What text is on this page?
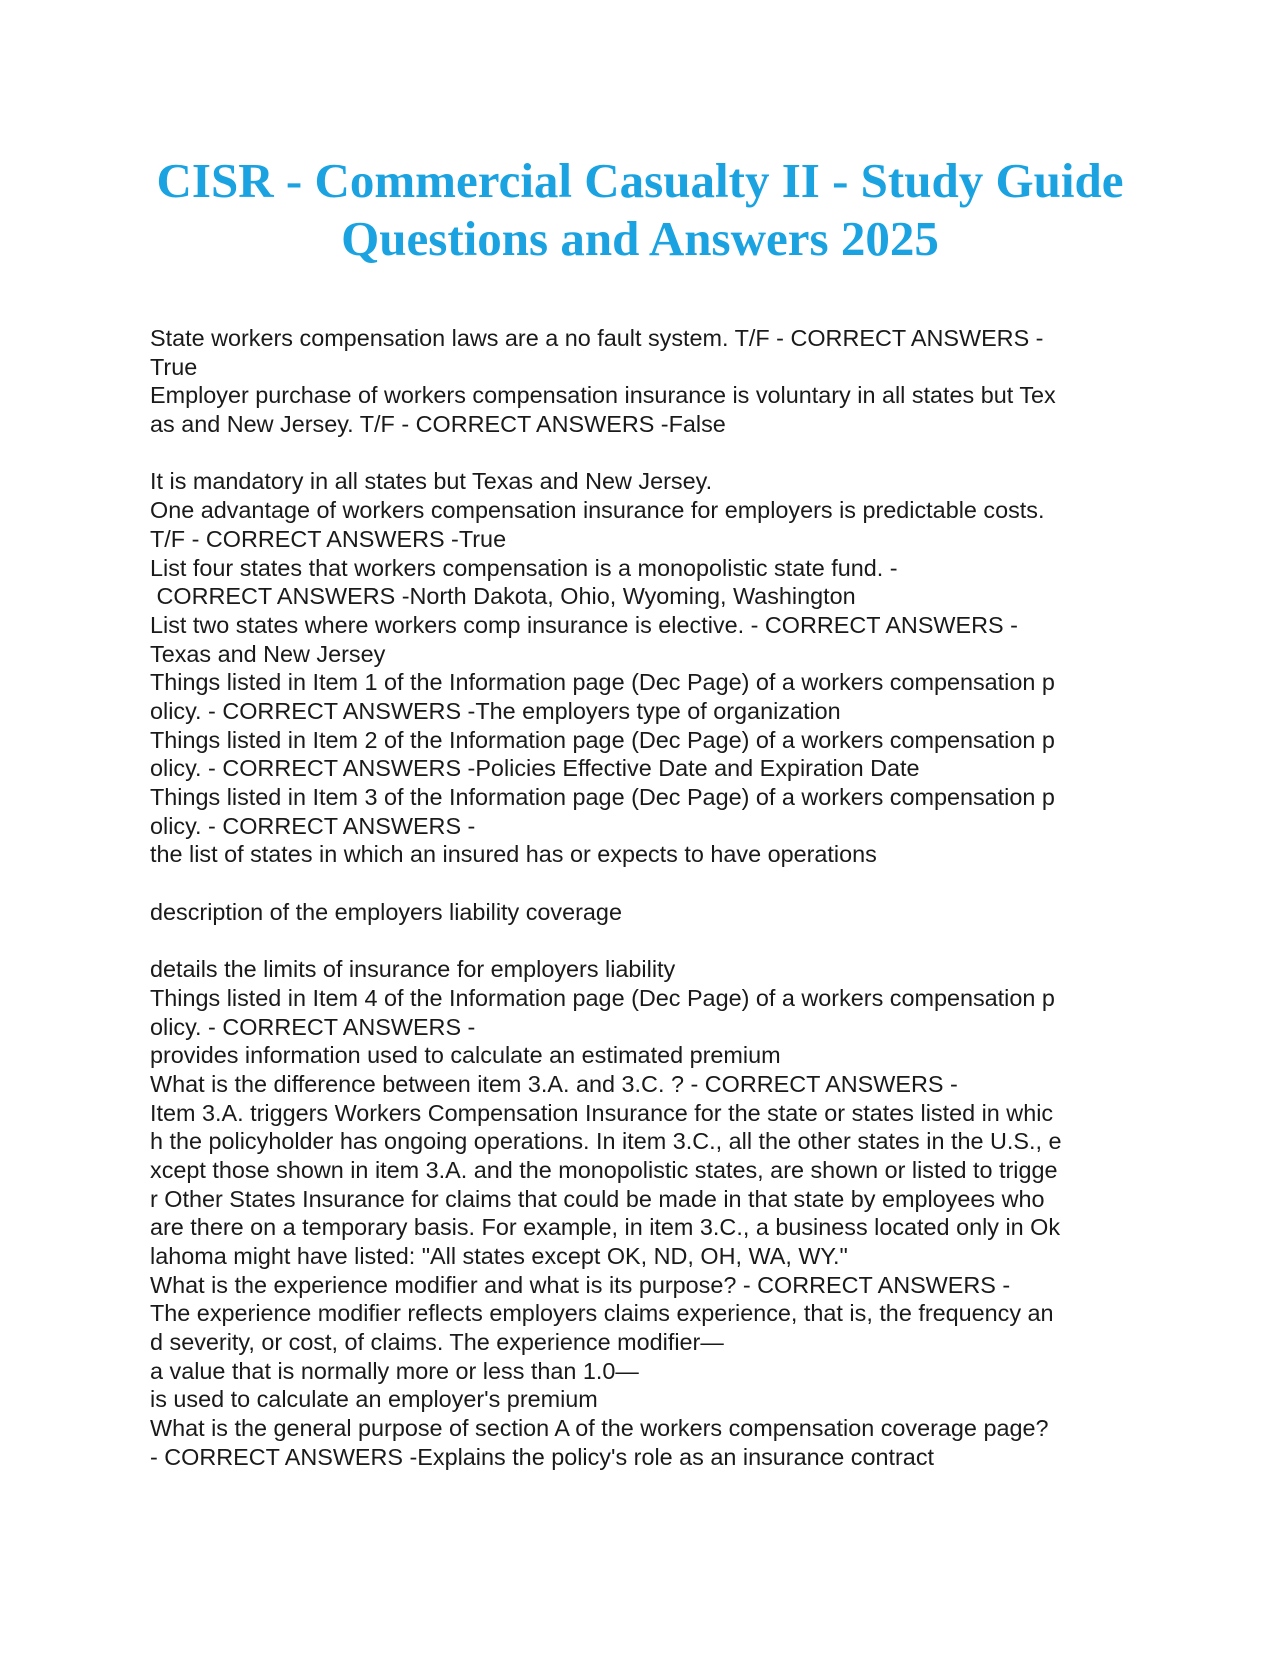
CISR - Commercial Casualty II - Study Guide Questions and Answers 2025
State workers compensation laws are a no fault system. T/F - CORRECT ANSWERS -
True
Employer purchase of workers compensation insurance is voluntary in all states but Tex
as and New Jersey. T/F - CORRECT ANSWERS -False
It is mandatory in all states but Texas and New Jersey.
One advantage of workers compensation insurance for employers is predictable costs.
T/F - CORRECT ANSWERS -True
List four states that workers compensation is a monopolistic state fund. -
CORRECT ANSWERS -North Dakota, Ohio, Wyoming, Washington
List two states where workers comp insurance is elective. - CORRECT ANSWERS -
Texas and New Jersey
Things listed in Item 1 of the Information page (Dec Page) of a workers compensation p
olicy. - CORRECT ANSWERS -The employers type of organization
Things listed in Item 2 of the Information page (Dec Page) of a workers compensation p
olicy. - CORRECT ANSWERS -Policies Effective Date and Expiration Date
Things listed in Item 3 of the Information page (Dec Page) of a workers compensation p
olicy. - CORRECT ANSWERS -
the list of states in which an insured has or expects to have operations
description of the employers liability coverage
details the limits of insurance for employers liability
Things listed in Item 4 of the Information page (Dec Page) of a workers compensation p
olicy. - CORRECT ANSWERS -
provides information used to calculate an estimated premium
What is the difference between item 3.A. and 3.C. ? - CORRECT ANSWERS -
Item 3.A. triggers Workers Compensation Insurance for the state or states listed in whic
h the policyholder has ongoing operations. In item 3.C., all the other states in the U.S., e
xcept those shown in item 3.A. and the monopolistic states, are shown or listed to trigge
r Other States Insurance for claims that could be made in that state by employees who
are there on a temporary basis. For example, in item 3.C., a business located only in Ok
lahoma might have listed: "All states except OK, ND, OH, WA, WY."
What is the experience modifier and what is its purpose? - CORRECT ANSWERS -
The experience modifier reflects employers claims experience, that is, the frequency an
d severity, or cost, of claims. The experience modifier—
a value that is normally more or less than 1.0—
is used to calculate an employer's premium
What is the general purpose of section A of the workers compensation coverage page?
- CORRECT ANSWERS -Explains the policy's role as an insurance contract
